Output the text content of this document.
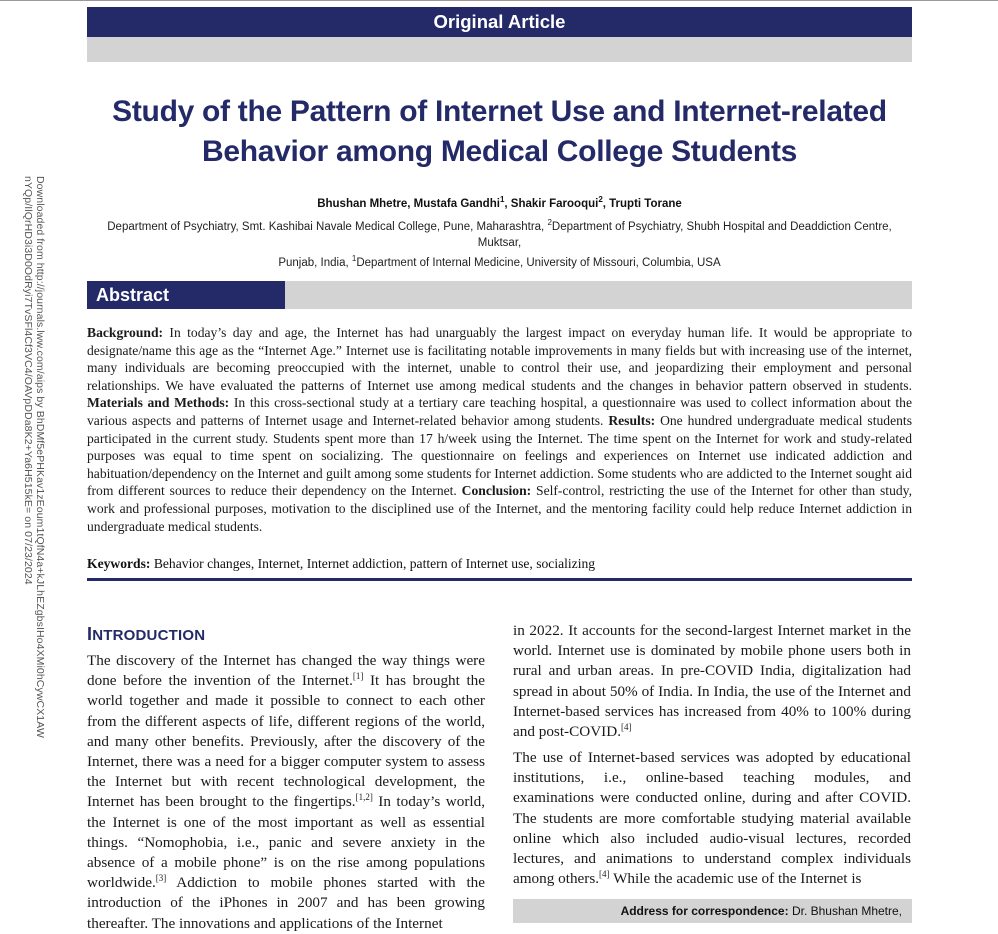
Downloaded from http://journals.lww.com/aips by BhDMf5ePHKav1zEoum1tQfN4a+kJLhEZgbsIHo4XMi0hCywCX1AW
nYQp/IlQrHD3i3D0OdRyi7TvSFl4Cf3VC4/OAVpDDa8K2+Ya6H515kE= on 07/23/2024
Original Article
Study of the Pattern of Internet Use and Internet-related
Behavior among Medical College Students
Bhushan Mhetre, Mustafa Gandhi$^1$, Shakir Farooqui$^2$, Trupti Torane
Department of Psychiatry, Smt. Kashibai Navale Medical College, Pune, Maharashtra, $^2$Department of Psychiatry, Shubh Hospital and Deaddiction Centre, Muktsar,
Punjab, India, $^1$Department of Internal Medicine, University of Missouri, Columbia, USA
Abstract
Background: In today’s day and age, the Internet has had unarguably the largest impact on everyday human life. It would be appropriate to designate/name this age as the “Internet Age.” Internet use is facilitating notable improvements in many fields but with increasing use of the internet, many individuals are becoming preoccupied with the internet, unable to control their use, and jeopardizing their employment and personal relationships. We have evaluated the patterns of Internet use among medical students and the changes in behavior pattern observed in students. Materials and Methods: In this cross-sectional study at a tertiary care teaching hospital, a questionnaire was used to collect information about the various aspects and patterns of Internet usage and Internet-related behavior among students. Results: One hundred undergraduate medical students participated in the current study. Students spent more than 17 h/week using the Internet. The time spent on the Internet for work and study-related purposes was equal to time spent on socializing. The questionnaire on feelings and experiences on Internet use indicated addiction and habituation/dependency on the Internet and guilt among some students for Internet addiction. Some students who are addicted to the Internet sought aid from different sources to reduce their dependency on the Internet. Conclusion: Self-control, restricting the use of the Internet for other than study, work and professional purposes, motivation to the disciplined use of the Internet, and the mentoring facility could help reduce Internet addiction in undergraduate medical students.
Keywords: Behavior changes, Internet, Internet addiction, pattern of Internet use, socializing
INTRODUCTION
The discovery of the Internet has changed the way things were done before the invention of the Internet.[1] It has brought the world together and made it possible to connect to each other from the different aspects of life, different regions of the world, and many other benefits. Previously, after the discovery of the Internet, there was a need for a bigger computer system to assess the Internet but with recent technological development, the Internet has been brought to the fingertips.[1,2] In today’s world, the Internet is one of the most important as well as essential things. “Nomophobia, i.e., panic and severe anxiety in the absence of a mobile phone” is on the rise among populations worldwide.[3] Addiction to mobile phones started with the introduction of the iPhones in 2007 and has been growing thereafter. The innovations and applications of the Internet
in 2022. It accounts for the second-largest Internet market in the world. Internet use is dominated by mobile phone users both in rural and urban areas. In pre-COVID India, digitalization had spread in about 50% of India. In India, the use of the Internet and Internet-based services has increased from 40% to 100% during and post-COVID.[4]
The use of Internet-based services was adopted by educational institutions, i.e., online-based teaching modules, and examinations were conducted online, during and after COVID. The students are more comfortable studying material available online which also included audio-visual lectures, recorded lectures, and animations to understand complex individuals among others.[4] While the academic use of the Internet is
Address for correspondence: Dr. Bhushan Mhetre,
